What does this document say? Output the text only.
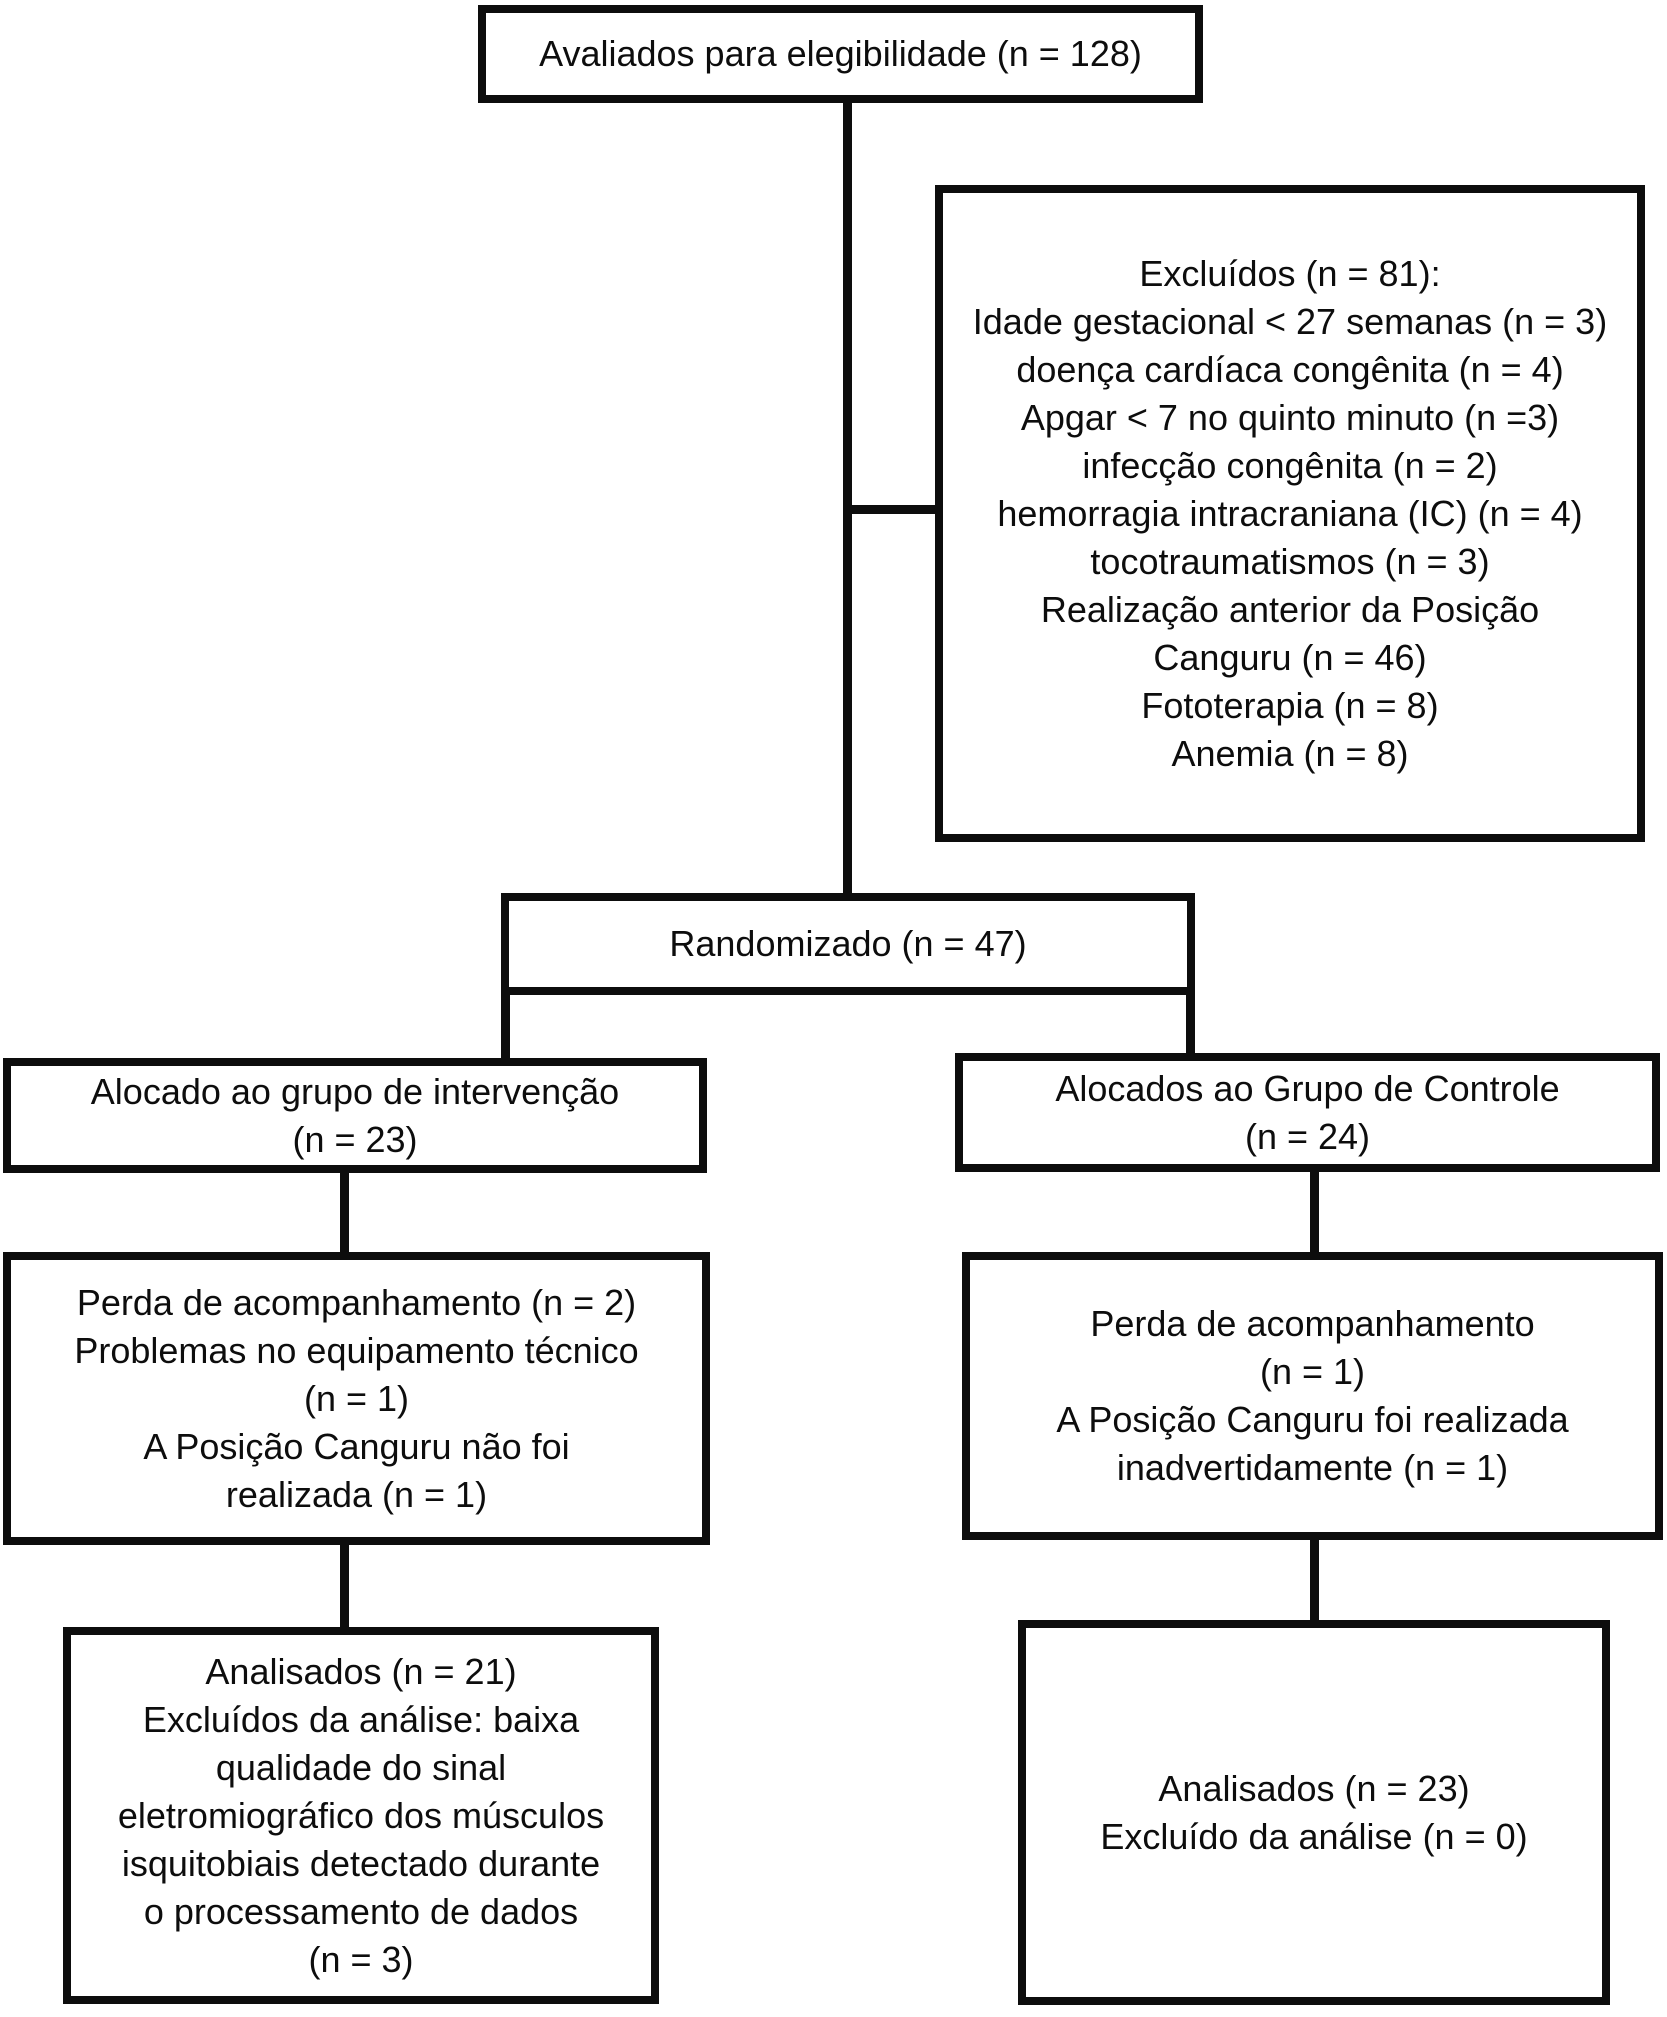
Avaliados para elegibilidade (n = 128)
Excluídos (n = 81):
Idade gestacional < 27 semanas (n = 3)
doença cardíaca congênita (n = 4)
Apgar < 7 no quinto minuto (n =3)
infecção congênita (n = 2)
hemorragia intracraniana (IC) (n = 4)
tocotraumatismos (n = 3)
Realização anterior da Posição
Canguru (n = 46)
Fototerapia (n = 8)
Anemia (n = 8)
Randomizado (n = 47)
Alocado ao grupo de intervenção
(n = 23)
Alocados ao Grupo de Controle
(n = 24)
Perda de acompanhamento (n = 2)
Problemas no equipamento técnico
(n = 1)
A Posição Canguru não foi
realizada (n = 1)
Perda de acompanhamento
(n = 1)
A Posição Canguru foi realizada
inadvertidamente (n = 1)
Analisados (n = 21)
Excluídos da análise: baixa
qualidade do sinal
eletromiográfico dos músculos
isquitobiais detectado durante
o processamento de dados
(n = 3)
Analisados (n = 23)
Excluído da análise (n = 0)
